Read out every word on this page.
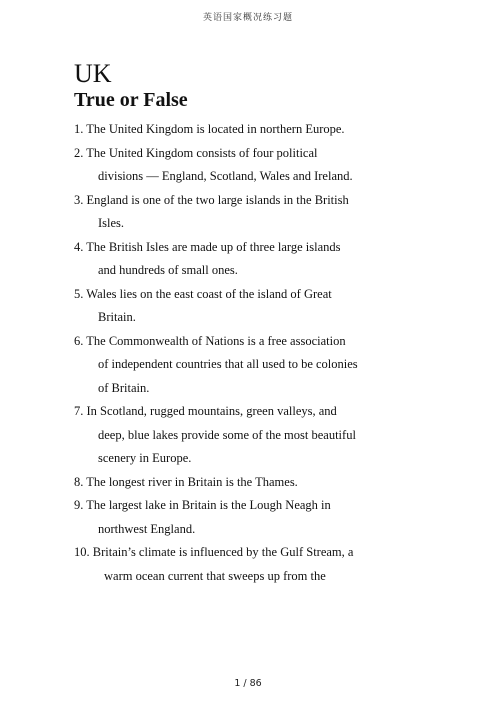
英语国家概况练习题
UK
True or False
1. The United Kingdom is located in northern Europe.
2. The United Kingdom consists of four political
divisions — England, Scotland, Wales and Ireland.
3. England is one of the two large islands in the British
Isles.
4. The British Isles are made up of three large islands
and hundreds of small ones.
5. Wales lies on the east coast of the island of Great
Britain.
6. The Commonwealth of Nations is a free association
of independent countries that all used to be colonies
of Britain.
7. In Scotland, rugged mountains, green valleys, and
deep, blue lakes provide some of the most beautiful
scenery in Europe.
8. The longest river in Britain is the Thames.
9. The largest lake in Britain is the Lough Neagh in
northwest England.
10. Britain’s climate is influenced by the Gulf Stream, a
warm ocean current that sweeps up from the
1 / 86
